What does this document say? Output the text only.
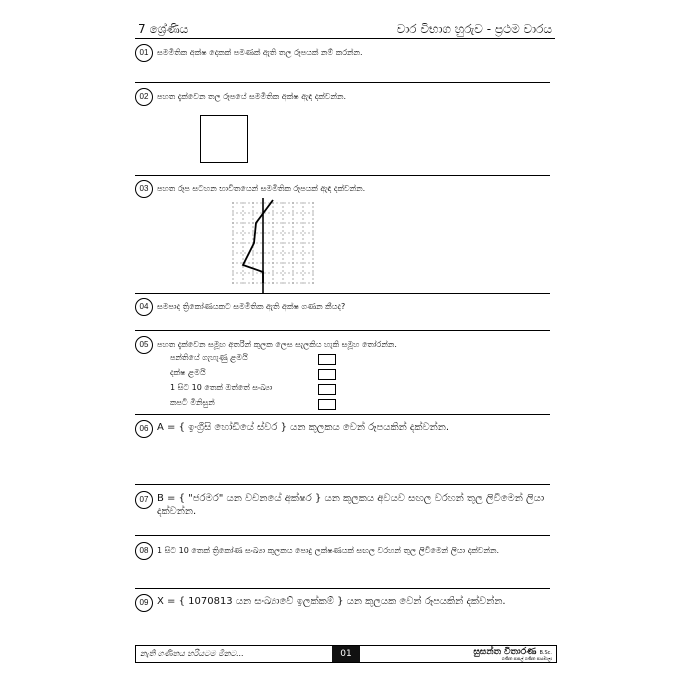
7 ශ්‍රේණිය	වාර විභාග හුරුව - ප්‍රථම වාරය
01	සමමිතික අක්ෂ දෙකක් පමණක් ඇති තල රූපයක් නම් කරන්න.
02	පහත දැක්වෙන තල රූපයේ සමමිතික අක්ෂ ඇඳ දක්වන්න.
03	පහත රූප සටහන භාවිතයෙන් සමමිතික රූපයක් ඇඳ දක්වන්න.
04	සමපාද ත්‍රිකෝණයකට සමමිතික ඇති අක්ෂ ගණන කීයද?
05	පහත දැක්වෙන සමූහ අතරින් කුලක ලෙස සැලකිය හැකි සමූහ තෝරන්න.
පන්තියේ ගැහැණු ළමයි
දක්ෂ ළමයි
1 සිට 10 තෙක් ඔත්තේ සංඛ්‍යා
කපටි මිනිසුන්
06 A = { ඉංග්‍රීසි හෝඩියේ ස්වර } යන කුලකය වෙන් රූපයකින් දක්වන්න.
07 B = { "ජරමර" යන වචනයේ අක්ෂර } යන කුලකය අවයව සඟල වරහන් තුල ලිවීමෙන් ලියා දක්වන්න.
08	1 සිට 10 තෙක් ත්‍රිකෝණ සංඛ්‍යා කුලකය පොදු ලක්ෂණයක් සඟල වරහන් තුල ලිවීමෙන් ලියා දක්වන්න.
09 X = { 1070813 යන සංඛ්‍යාවේ ඉලක්කම් } යන කුලයක වෙන් රූපයකින් දක්වන්න.
නැති ගණිතය හරියටම මීනට...	01	සුසන්ත විතාරණ B.Sc.
ගණිත පාසල් ගණිත පාඨමාලා
